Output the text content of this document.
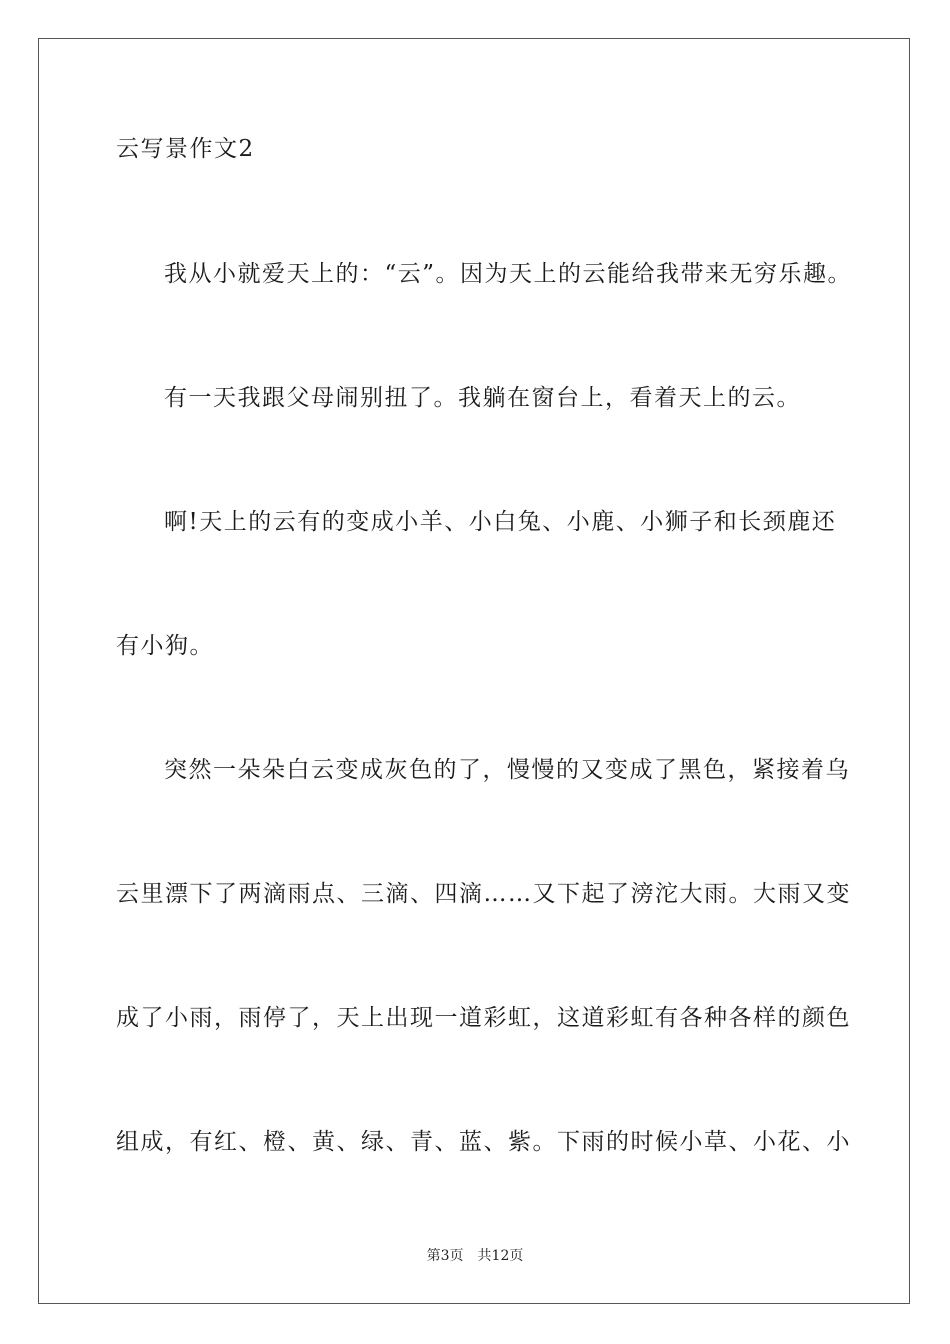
云写景作文2
我从小就爱天上的：“云”。因为天上的云能给我带来无穷乐趣。
有一天我跟父母闹别扭了。我躺在窗台上，看着天上的云。
啊!天上的云有的变成小羊、小白兔、小鹿、小狮子和长颈鹿还
有小狗。
突然一朵朵白云变成灰色的了，慢慢的又变成了黑色，紧接着乌
云里漂下了两滴雨点、三滴、四滴……又下起了滂沱大雨。大雨又变
成了小雨，雨停了，天上出现一道彩虹，这道彩虹有各种各样的颜色
组成，有红、橙、黄、绿、青、蓝、紫。下雨的时候小草、小花、小
第3页 共12页
